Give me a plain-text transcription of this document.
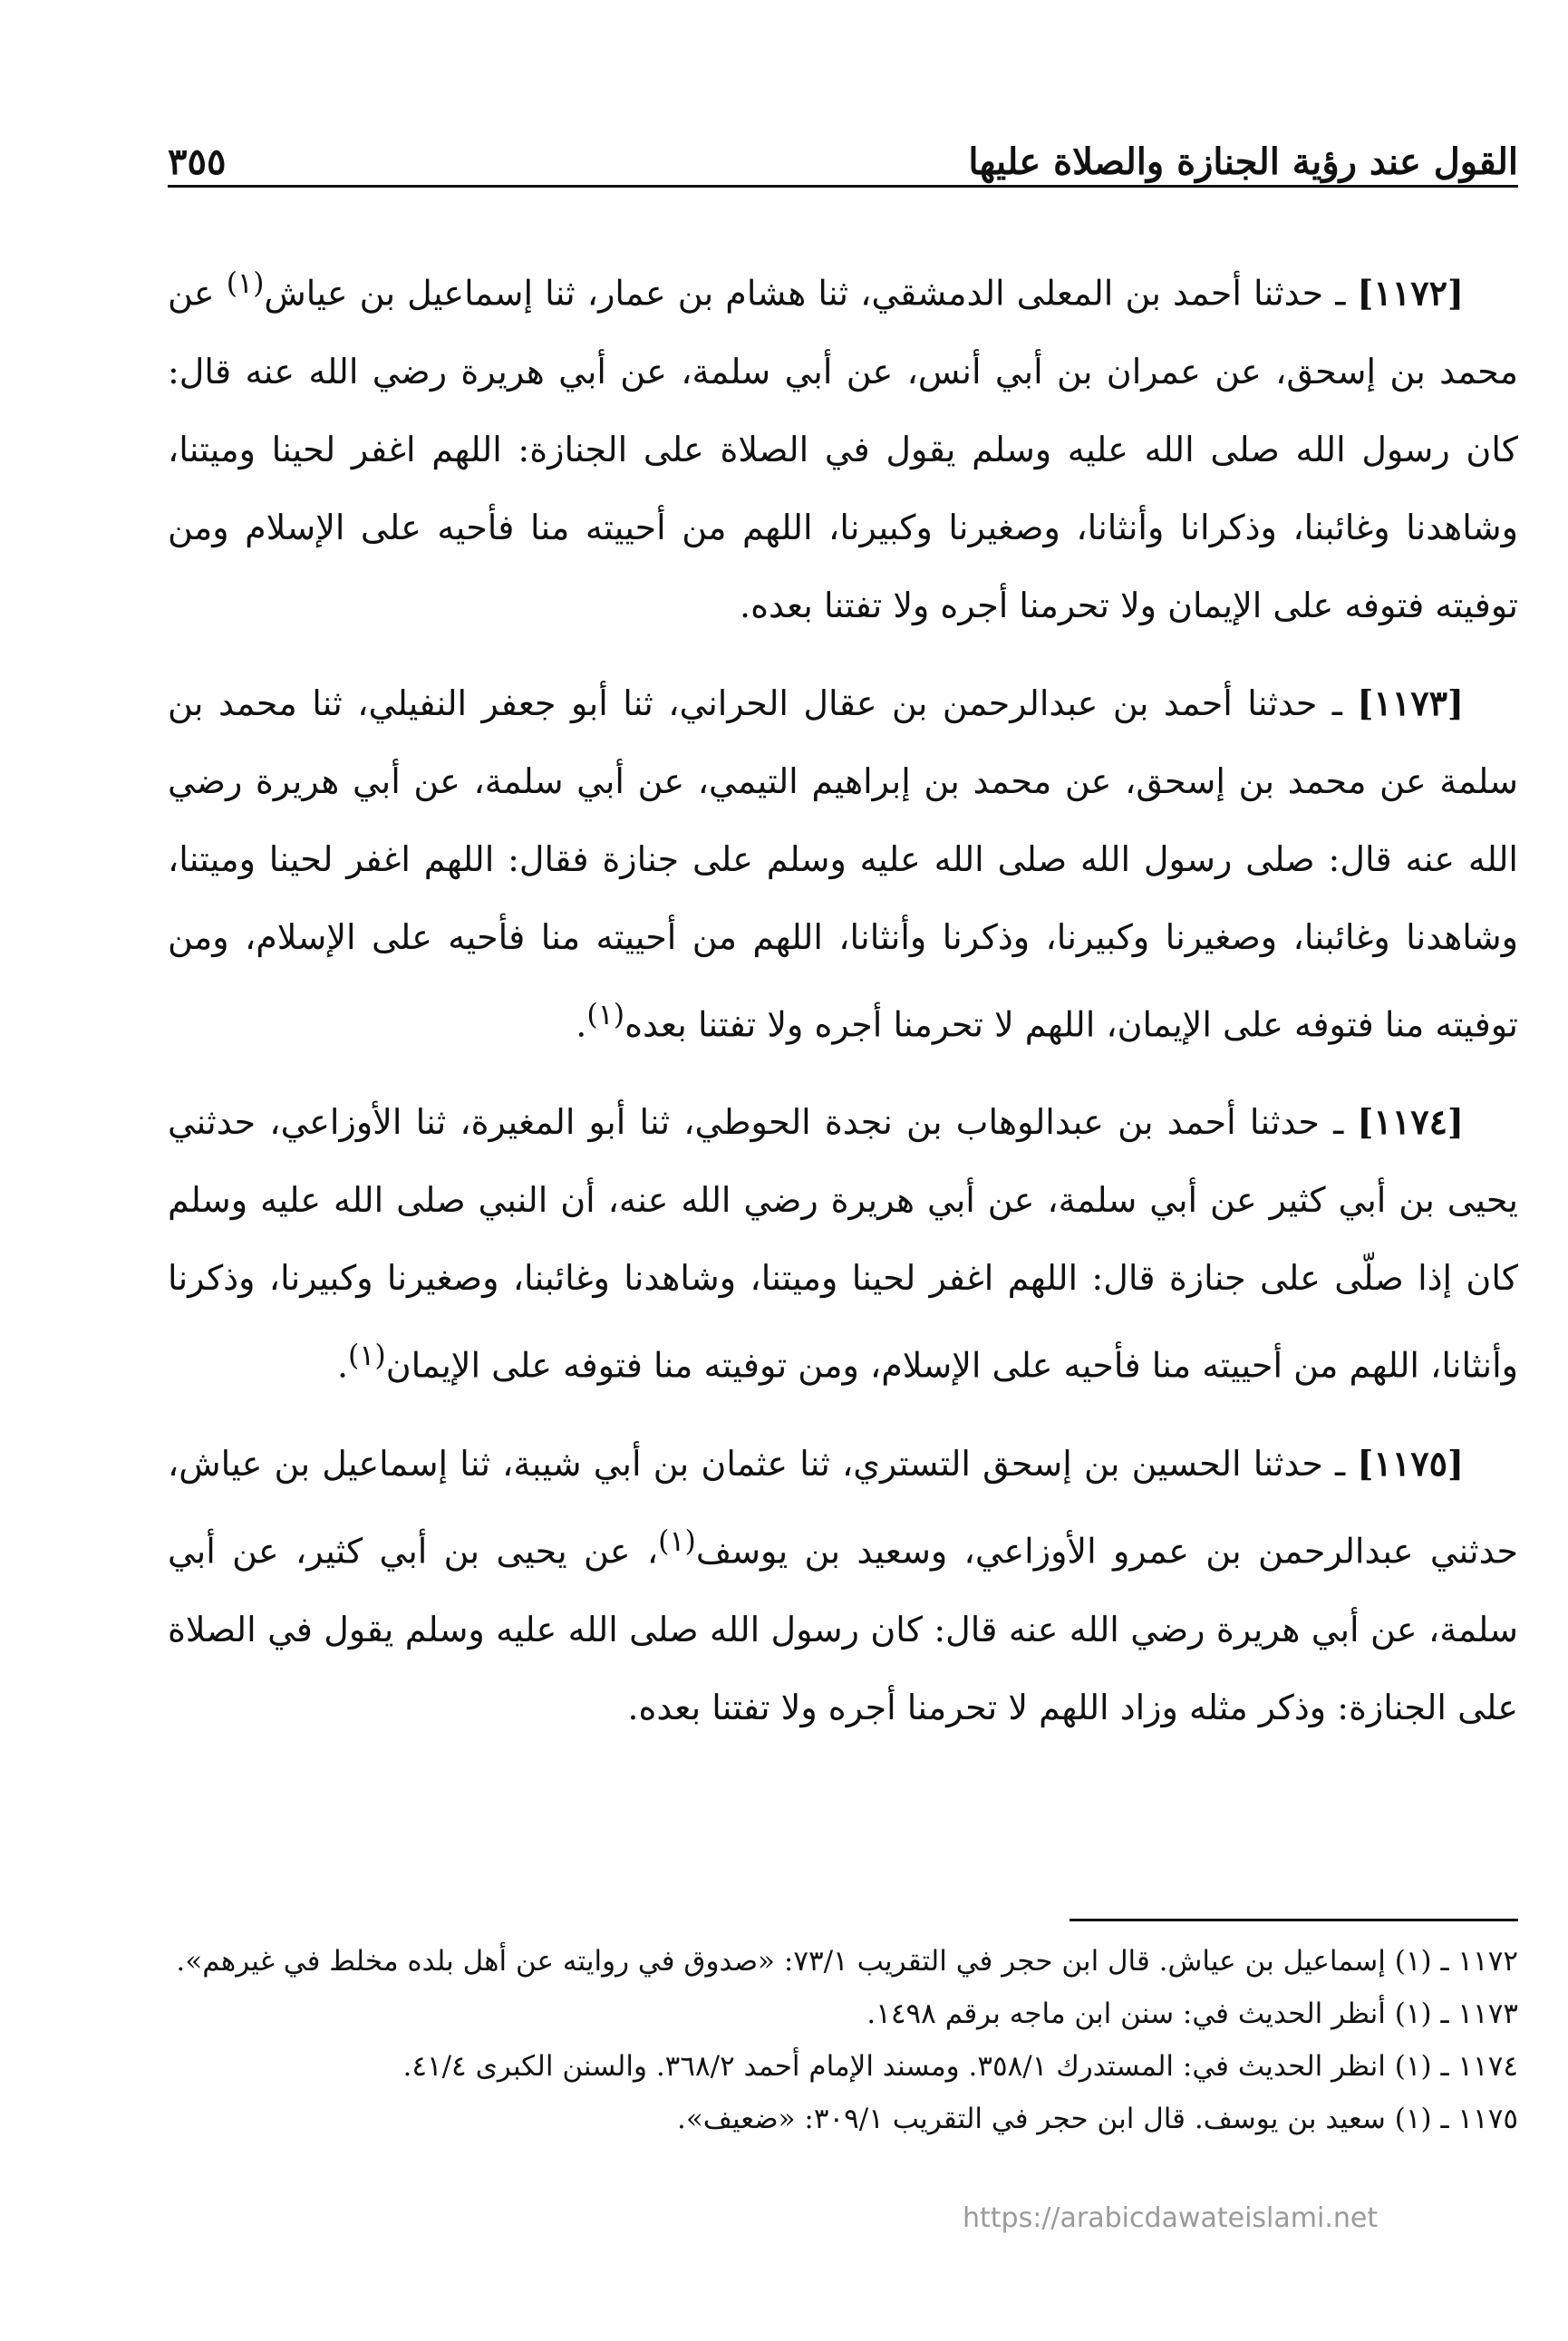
القول عند رؤية الجنازة والصلاة عليها
٣٥٥

[١١٧٢] ـ حدثنا أحمد بن المعلى الدمشقي، ثنا هشام بن عمار، ثنا إسماعيل بن عياش$^{(١)}$ عن محمد بن إسحق، عن عمران بن أبي أنس، عن أبي سلمة، عن أبي هريرة رضي الله عنه قال: كان رسول الله صلى الله عليه وسلم يقول في الصلاة على الجنازة: اللهم اغفر لحينا وميتنا، وشاهدنا وغائبنا، وذكرانا وأنثانا، وصغيرنا وكبيرنا، اللهم من أحييته منا فأحيه على الإسلام ومن توفيته فتوفه على الإيمان ولا تحرمنا أجره ولا تفتنا بعده.

[١١٧٣] ـ حدثنا أحمد بن عبدالرحمن بن عقال الحراني، ثنا أبو جعفر النفيلي، ثنا محمد بن سلمة عن محمد بن إسحق، عن محمد بن إبراهيم التيمي، عن أبي سلمة، عن أبي هريرة رضي الله عنه قال: صلى رسول الله صلى الله عليه وسلم على جنازة فقال: اللهم اغفر لحينا وميتنا، وشاهدنا وغائبنا، وصغيرنا وكبيرنا، وذكرنا وأنثانا، اللهم من أحييته منا فأحيه على الإسلام، ومن توفيته منا فتوفه على الإيمان، اللهم لا تحرمنا أجره ولا تفتنا بعده$^{(١)}$.

[١١٧٤] ـ حدثنا أحمد بن عبدالوهاب بن نجدة الحوطي، ثنا أبو المغيرة، ثنا الأوزاعي، حدثني يحيى بن أبي كثير عن أبي سلمة، عن أبي هريرة رضي الله عنه، أن النبي صلى الله عليه وسلم كان إذا صلّى على جنازة قال: اللهم اغفر لحينا وميتنا، وشاهدنا وغائبنا، وصغيرنا وكبيرنا، وذكرنا وأنثانا، اللهم من أحييته منا فأحيه على الإسلام، ومن توفيته منا فتوفه على الإيمان$^{(١)}$.

[١١٧٥] ـ حدثنا الحسين بن إسحق التستري، ثنا عثمان بن أبي شيبة، ثنا إسماعيل بن عياش، حدثني عبدالرحمن بن عمرو الأوزاعي، وسعيد بن يوسف$^{(١)}$، عن يحيى بن أبي كثير، عن أبي سلمة، عن أبي هريرة رضي الله عنه قال: كان رسول الله صلى الله عليه وسلم يقول في الصلاة على الجنازة: وذكر مثله وزاد اللهم لا تحرمنا أجره ولا تفتنا بعده.

١١٧٢ ـ (١) إسماعيل بن عياش. قال ابن حجر في التقريب ٧٣/١: «صدوق في روايته عن أهل بلده مخلط في غيرهم».

١١٧٣ ـ (١) أنظر الحديث في: سنن ابن ماجه برقم ١٤٩٨.

١١٧٤ ـ (١) انظر الحديث في: المستدرك ٣٥٨/١. ومسند الإمام أحمد ٣٦٨/٢. والسنن الكبرى ٤١/٤.

١١٧٥ ـ (١) سعيد بن يوسف. قال ابن حجر في التقريب ٣٠٩/١: «ضعيف».

https://arabicdawateislami.net
